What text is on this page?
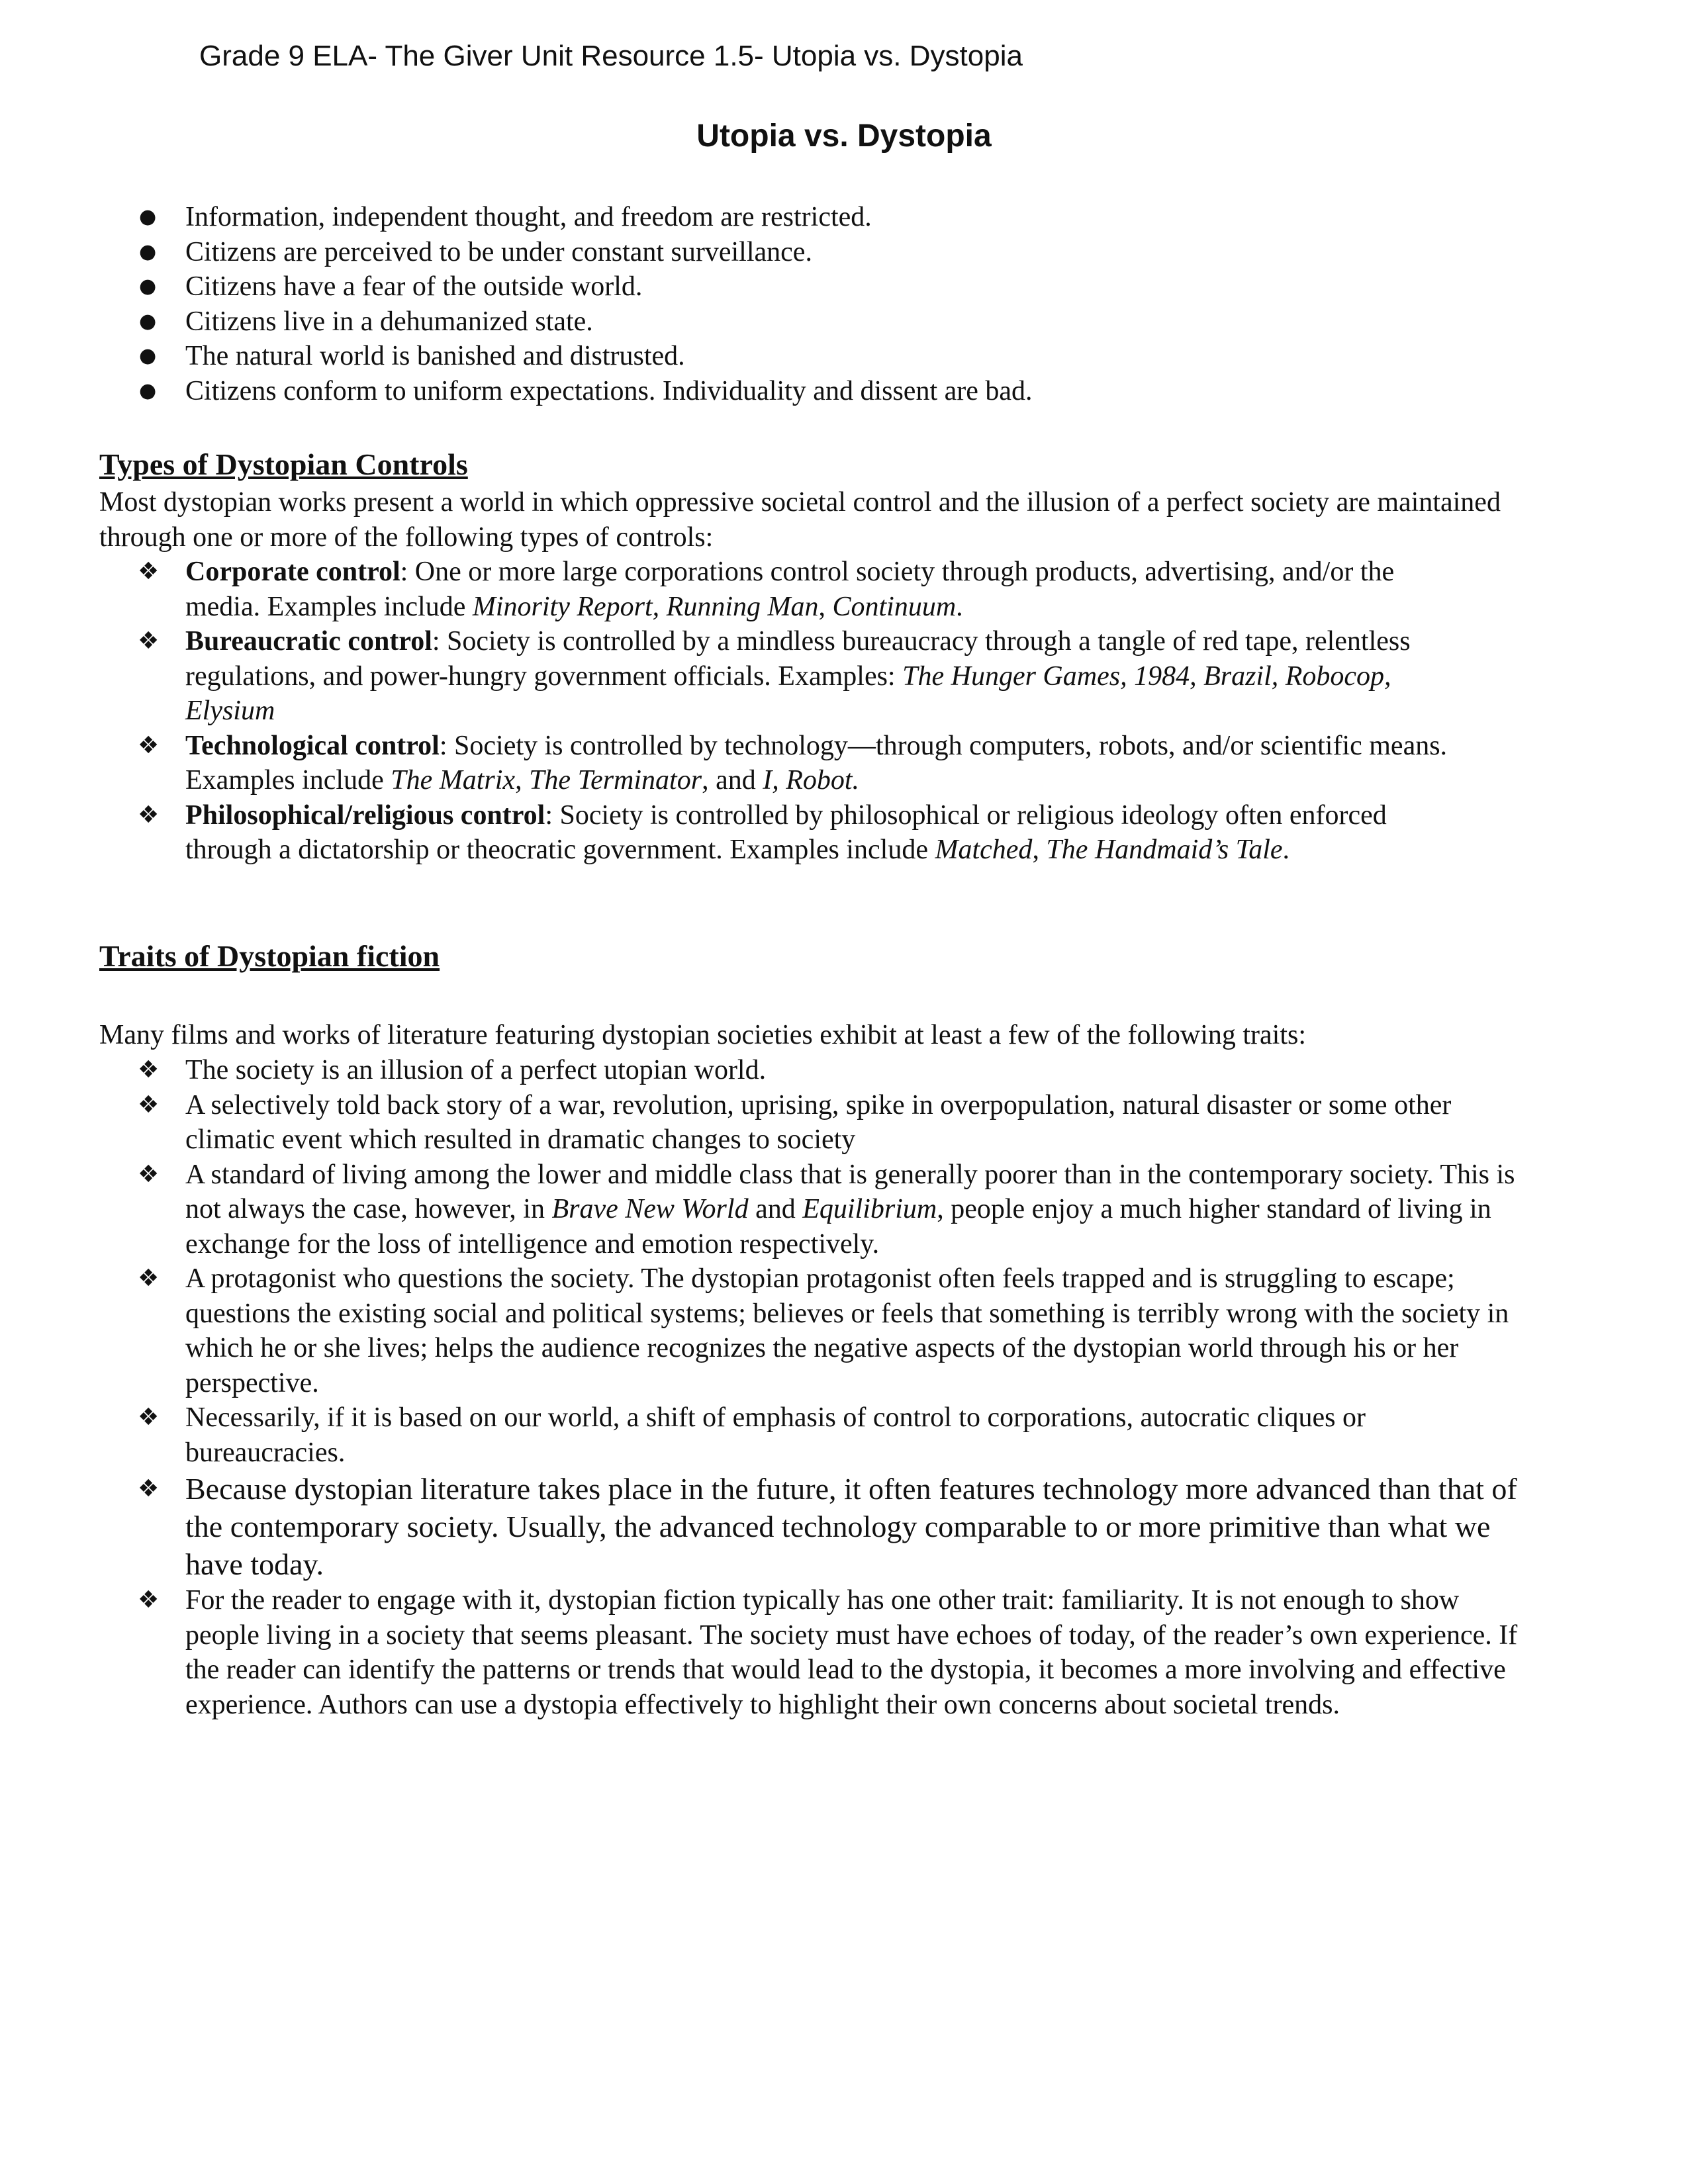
Grade 9 ELA- The Giver Unit Resource 1.5- Utopia vs. Dystopia
Utopia vs. Dystopia
● Information, independent thought, and freedom are restricted.
● Citizens are perceived to be under constant surveillance.
● Citizens have a fear of the outside world.
● Citizens live in a dehumanized state.
● The natural world is banished and distrusted.
● Citizens conform to uniform expectations. Individuality and dissent are bad.
Types of Dystopian Controls
Most dystopian works present a world in which oppressive societal control and the illusion of a perfect society are maintained through one or more of the following types of controls:
❖ Corporate control: One or more large corporations control society through products, advertising, and/or the media. Examples include Minority Report, Running Man, Continuum.
❖ Bureaucratic control: Society is controlled by a mindless bureaucracy through a tangle of red tape, relentless regulations, and power-hungry government officials. Examples: The Hunger Games, 1984, Brazil, Robocop, Elysium
❖ Technological control: Society is controlled by technology—through computers, robots, and/or scientific means. Examples include The Matrix, The Terminator, and I, Robot.
❖ Philosophical/religious control: Society is controlled by philosophical or religious ideology often enforced through a dictatorship or theocratic government. Examples include Matched, The Handmaid’s Tale.
Traits of Dystopian fiction
Many films and works of literature featuring dystopian societies exhibit at least a few of the following traits:
❖ The society is an illusion of a perfect utopian world.
❖ A selectively told back story of a war, revolution, uprising, spike in overpopulation, natural disaster or some other climatic event which resulted in dramatic changes to society
❖ A standard of living among the lower and middle class that is generally poorer than in the contemporary society. This is not always the case, however, in Brave New World and Equilibrium, people enjoy a much higher standard of living in exchange for the loss of intelligence and emotion respectively.
❖ A protagonist who questions the society. The dystopian protagonist often feels trapped and is struggling to escape; questions the existing social and political systems; believes or feels that something is terribly wrong with the society in which he or she lives; helps the audience recognizes the negative aspects of the dystopian world through his or her perspective.
❖ Necessarily, if it is based on our world, a shift of emphasis of control to corporations, autocratic cliques or bureaucracies.
❖ Because dystopian literature takes place in the future, it often features technology more advanced than that of the contemporary society. Usually, the advanced technology comparable to or more primitive than what we have today.
❖ For the reader to engage with it, dystopian fiction typically has one other trait: familiarity. It is not enough to show people living in a society that seems pleasant. The society must have echoes of today, of the reader’s own experience. If the reader can identify the patterns or trends that would lead to the dystopia, it becomes a more involving and effective experience. Authors can use a dystopia effectively to highlight their own concerns about societal trends.
